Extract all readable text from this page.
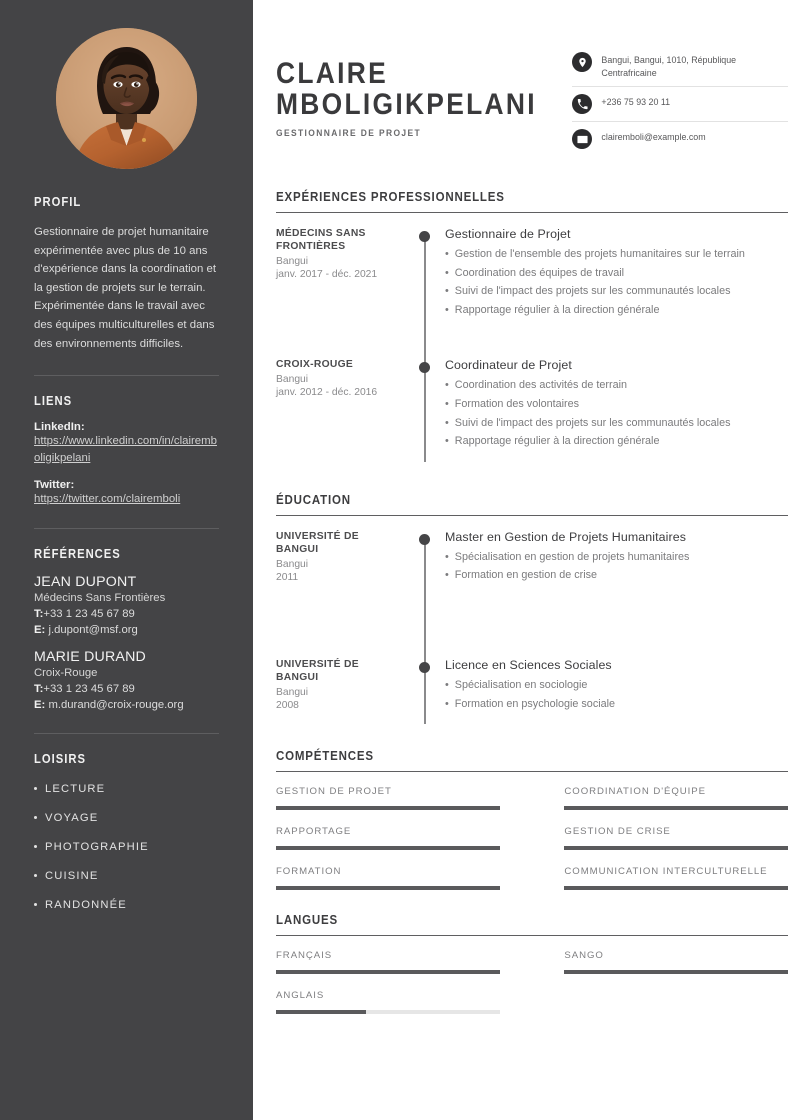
PROFIL
Gestionnaire de projet humanitaire expérimentée avec plus de 10 ans d'expérience dans la coordination et la gestion de projets sur le terrain. Expérimentée dans le travail avec des équipes multiculturelles et dans des environnements difficiles.
LIENS
LinkedIn:
https://www.linkedin.com/in/clairemboligikpelani
Twitter:
https://twitter.com/clairemboli
RÉFÉRENCES
JEAN DUPONT
Médecins Sans Frontières
T:+33 1 23 45 67 89
E: j.dupont@msf.org
MARIE DURAND
Croix-Rouge
T:+33 1 23 45 67 89
E: m.durand@croix-rouge.org
LOISIRS
LECTURE
VOYAGE
PHOTOGRAPHIE
CUISINE
RANDONNÉE
CLAIRE
MBOLIGIKPELANI
GESTIONNAIRE DE PROJET
Bangui, Bangui, 1010, République Centrafricaine
+236 75 93 20 11
clairemboli@example.com
EXPÉRIENCES PROFESSIONNELLES
MÉDECINS SANS FRONTIÈRES
Bangui
janv. 2017 - déc. 2021
Gestionnaire de Projet
• Gestion de l'ensemble des projets humanitaires sur le terrain
• Coordination des équipes de travail
• Suivi de l'impact des projets sur les communautés locales
• Rapportage régulier à la direction générale
CROIX-ROUGE
Bangui
janv. 2012 - déc. 2016
Coordinateur de Projet
• Coordination des activités de terrain
• Formation des volontaires
• Suivi de l'impact des projets sur les communautés locales
• Rapportage régulier à la direction générale
ÉDUCATION
UNIVERSITÉ DE BANGUI
Bangui
2011
Master en Gestion de Projets Humanitaires
• Spécialisation en gestion de projets humanitaires
• Formation en gestion de crise
UNIVERSITÉ DE BANGUI
Bangui
2008
Licence en Sciences Sociales
• Spécialisation en sociologie
• Formation en psychologie sociale
COMPÉTENCES
GESTION DE PROJET	COORDINATION D'ÉQUIPE
RAPPORTAGE	GESTION DE CRISE
FORMATION	COMMUNICATION INTERCULTURELLE
LANGUES
FRANÇAIS	SANGO
ANGLAIS
